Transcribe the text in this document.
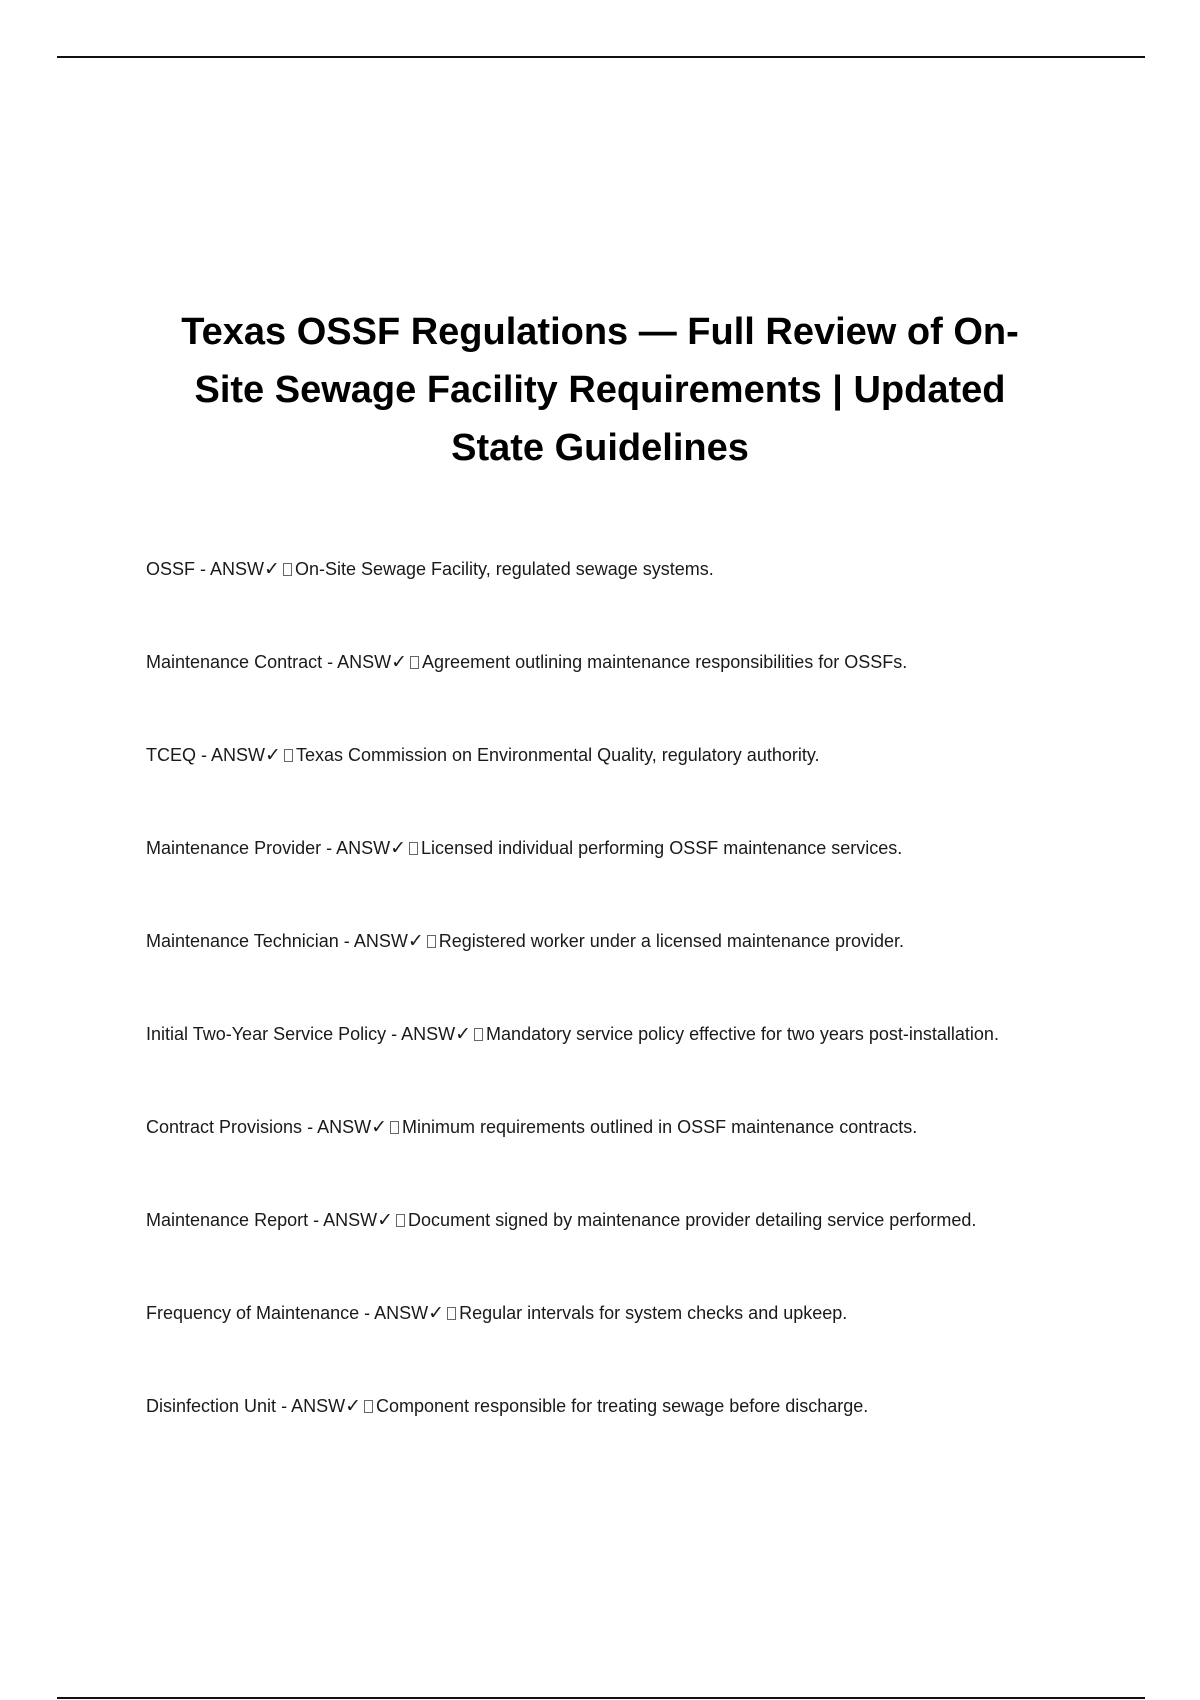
Texas OSSF Regulations — Full Review of On-Site Sewage Facility Requirements | Updated State Guidelines
OSSF - ANSW✓ On-Site Sewage Facility, regulated sewage systems.
Maintenance Contract - ANSW✓ Agreement outlining maintenance responsibilities for OSSFs.
TCEQ - ANSW✓ Texas Commission on Environmental Quality, regulatory authority.
Maintenance Provider - ANSW✓ Licensed individual performing OSSF maintenance services.
Maintenance Technician - ANSW✓ Registered worker under a licensed maintenance provider.
Initial Two-Year Service Policy - ANSW✓ Mandatory service policy effective for two years post-installation.
Contract Provisions - ANSW✓ Minimum requirements outlined in OSSF maintenance contracts.
Maintenance Report - ANSW✓ Document signed by maintenance provider detailing service performed.
Frequency of Maintenance - ANSW✓ Regular intervals for system checks and upkeep.
Disinfection Unit - ANSW✓ Component responsible for treating sewage before discharge.
